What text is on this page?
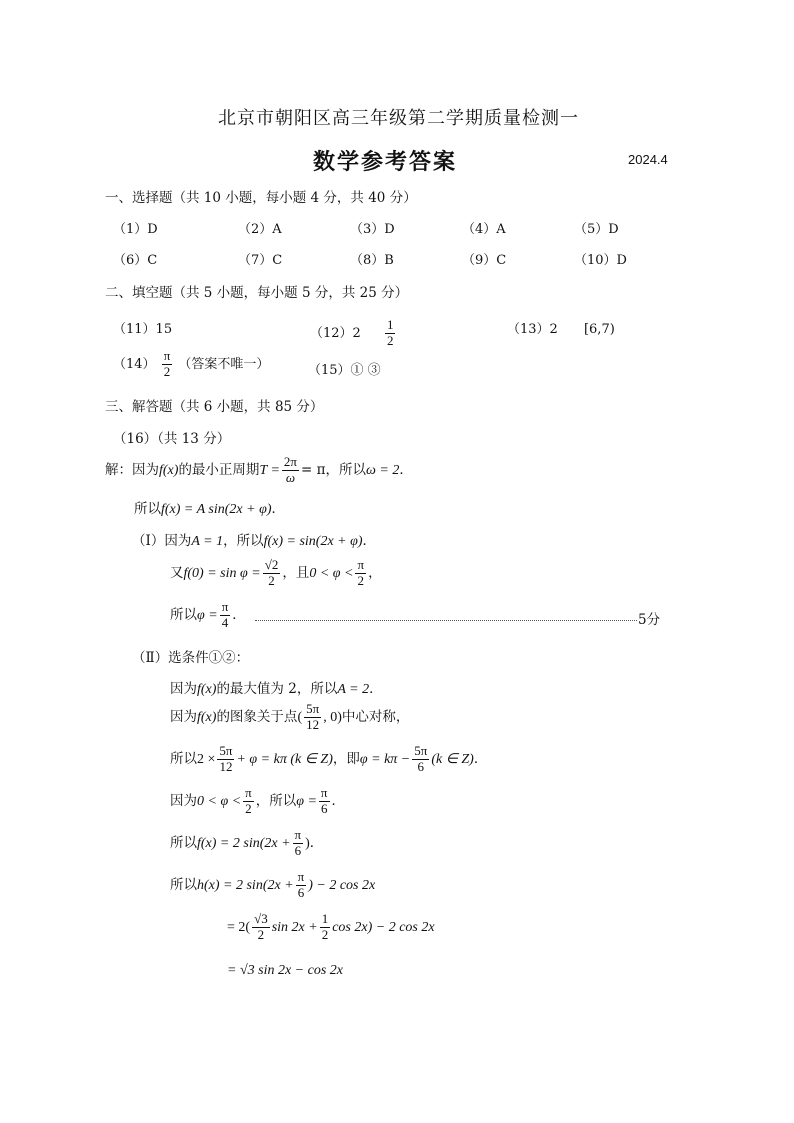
北京市朝阳区高三年级第二学期质量检测一
数学参考答案	2024.4
一、选择题（共 10 小题，每小题 4 分，共 40 分）
（1）D	（2）A	（3）D	（4）A	（5）D
（6）C	（7）C	（8）B	（9）C	（10）D
二、填空题（共 5 小题，每小题 5 分，共 25 分）
（11）15	$(12)2 \frac{1}{2}$	（13）2 [6,7)
$(14) \frac{\pi}{2}$ （答案不唯一）	（15）① ③
三、解答题（共 6 小题，共 85 分）
（16）（共 13 分）
解：因为f(x)的最小正周期$T = \frac{2\pi}{\omega} = \pi$，所以ω = 2．
所以f(x) = A sin(2x + φ)．
（Ⅰ）因为A = 1，所以f(x) = sin(2x + φ)．
又$f(0) = \sin \varphi = \frac{√2}{2}$ ，且$0 < \varphi < \frac{\pi}{2}$ ，
所以$\varphi = \frac{\pi}{4}$ ．	5分
（Ⅱ）选条件①②：
因为f(x)的最大值为 2，所以A = 2．
因为f(x)的图象关于点( $\frac{5\pi}{12}$ , 0)中心对称，
所以$2 \times \frac{5\pi}{12} + \varphi = k\pi$ (k ∈ Z)，即$\varphi = k\pi - \frac{5\pi}{6} (k$ ∈ Z)．
因为$0 < \varphi < \frac{\pi}{2}$ ，所以$\varphi = \frac{\pi}{6}$ ．
所以f(x) = 2 $\sin(2x + \frac{\pi}{6}$ )．
所以h(x) = 2 $\sin(2x + \frac{\pi}{6}$ ) − 2 cos 2x
= $2( \frac{√3}{2}$ $\sin 2x + \frac{1}{2}$ cos 2x) − 2 cos 2x
= √3 sin 2x − cos 2x
